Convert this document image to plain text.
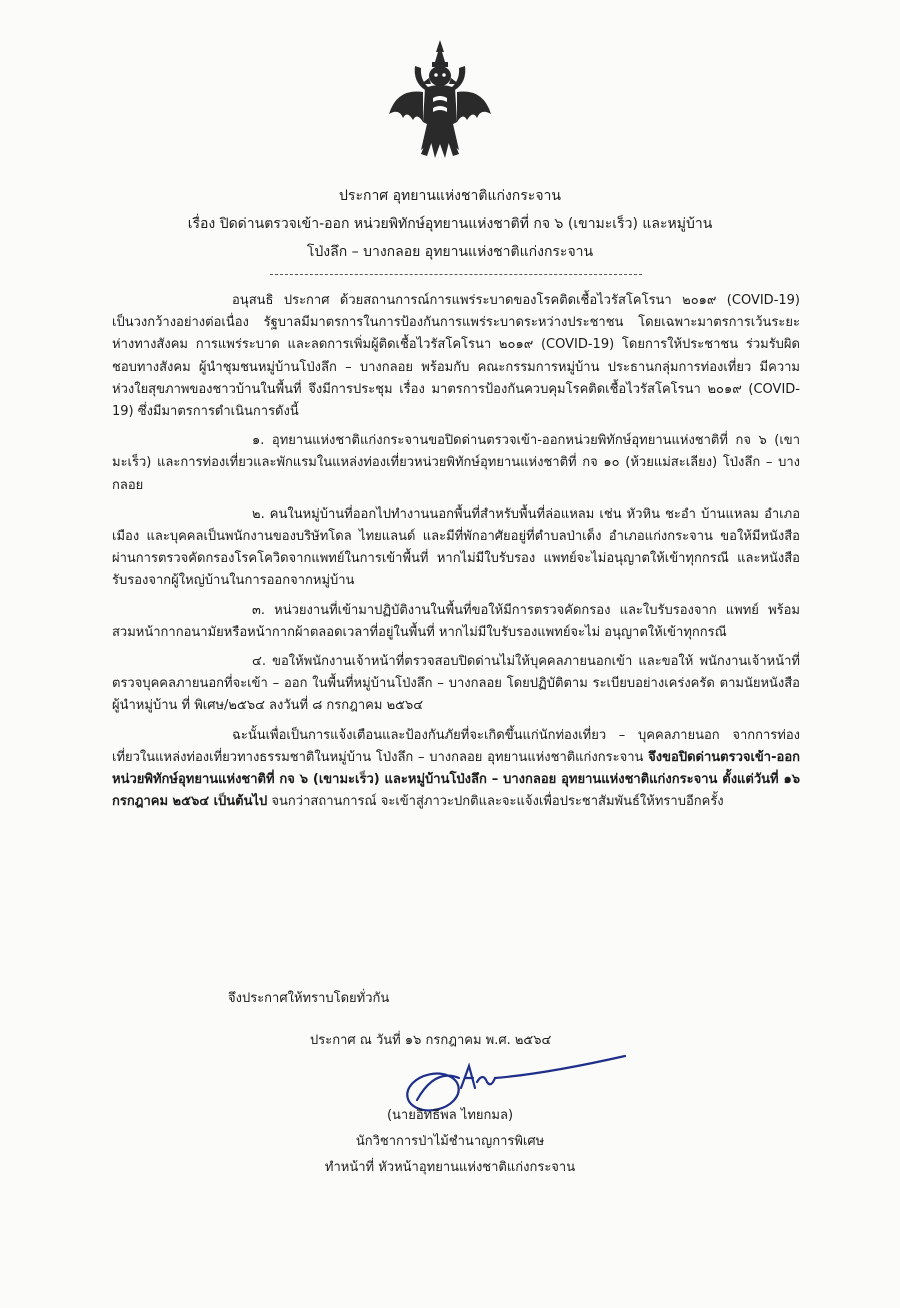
ประกาศ อุทยานแห่งชาติแก่งกระจาน
เรื่อง ปิดด่านตรวจเข้า-ออก หน่วยพิทักษ์อุทยานแห่งชาติที่ กจ ๖ (เขามะเร็ว) และหมู่บ้าน
โป่งลึก – บางกลอย อุทยานแห่งชาติแก่งกระจาน

อนุสนธิ ประกาศ ด้วยสถานการณ์การแพร่ระบาดของโรคติดเชื้อไวรัสโคโรนา ๒๐๑๙ (COVID-19) เป็นวงกว้างอย่างต่อเนื่อง รัฐบาลมีมาตรการในการป้องกันการแพร่ระบาดระหว่างประชาชน โดยเฉพาะมาตรการเว้นระยะห่างทางสังคม การแพร่ระบาด และลดการเพิ่มผู้ติดเชื้อไวรัสโคโรนา ๒๐๑๙ (COVID-19) โดยการให้ประชาชน ร่วมรับผิดชอบทางสังคม ผู้นำชุมชนหมู่บ้านโป่งลึก – บางกลอย พร้อมกับ คณะกรรมการหมู่บ้าน ประธานกลุ่มการท่องเที่ยว มีความห่วงใยสุขภาพของชาวบ้านในพื้นที่ จึงมีการประชุม เรื่อง มาตรการป้องกันควบคุมโรคติดเชื้อไวรัสโคโรนา ๒๐๑๙ (COVID-19) ซึ่งมีมาตรการดำเนินการดังนี้

๑. อุทยานแห่งชาติแก่งกระจานขอปิดด่านตรวจเข้า-ออกหน่วยพิทักษ์อุทยานแห่งชาติที่ กจ ๖ (เขามะเร็ว) และการท่องเที่ยวและพักแรมในแหล่งท่องเที่ยวหน่วยพิทักษ์อุทยานแห่งชาติที่ กจ ๑๐ (ห้วยแม่สะเลียง) โป่งลึก – บางกลอย

๒. คนในหมู่บ้านที่ออกไปทำงานนอกพื้นที่สำหรับพื้นที่ล่อแหลม เช่น หัวหิน ชะอำ บ้านแหลม อำเภอเมือง และบุคคลเป็นพนักงานของบริษัทโดล ไทยแลนด์ และมีที่พักอาศัยอยู่ที่ตำบลป่าเด็ง อำเภอแก่งกระจาน ขอให้มีหนังสือผ่านการตรวจคัดกรองโรคโควิดจากแพทย์ในการเข้าพื้นที่ หากไม่มีใบรับรอง แพทย์จะไม่อนุญาตให้เข้าทุกกรณี และหนังสือรับรองจากผู้ใหญ่บ้านในการออกจากหมู่บ้าน

๓. หน่วยงานที่เข้ามาปฏิบัติงานในพื้นที่ขอให้มีการตรวจคัดกรอง และใบรับรองจาก แพทย์ พร้อมสวมหน้ากากอนามัยหรือหน้ากากผ้าตลอดเวลาที่อยู่ในพื้นที่ หากไม่มีใบรับรองแพทย์จะไม่ อนุญาตให้เข้าทุกกรณี

๔. ขอให้พนักงานเจ้าหน้าที่ตรวจสอบปิดด่านไม่ให้บุคคลภายนอกเข้า และขอให้ พนักงานเจ้าหน้าที่ตรวจบุคคลภายนอกที่จะเข้า – ออก ในพื้นที่หมู่บ้านโป่งลึก – บางกลอย โดยปฏิบัติตาม ระเบียบอย่างเคร่งครัด ตามนัยหนังสือผู้นำหมู่บ้าน ที่ พิเศษ/๒๕๖๔ ลงวันที่ ๘ กรกฎาคม ๒๕๖๔

ฉะนั้นเพื่อเป็นการแจ้งเตือนและป้องกันภัยที่จะเกิดขึ้นแก่นักท่องเที่ยว – บุคคลภายนอก จากการท่องเที่ยวในแหล่งท่องเที่ยวทางธรรมชาติในหมู่บ้าน โป่งลึก – บางกลอย อุทยานแห่งชาติแก่งกระจาน จึงขอปิดด่านตรวจเข้า-ออก หน่วยพิทักษ์อุทยานแห่งชาติที่ กจ ๖ (เขามะเร็ว) และหมู่บ้านโป่งลึก – บางกลอย อุทยานแห่งชาติแก่งกระจาน ตั้งแต่วันที่ ๑๖ กรกฎาคม ๒๕๖๔ เป็นต้นไป จนกว่าสถานการณ์ จะเข้าสู่ภาวะปกติและจะแจ้งเพื่อประชาสัมพันธ์ให้ทราบอีกครั้ง

จึงประกาศให้ทราบโดยทั่วกัน
ประกาศ ณ วันที่ ๑๖ กรกฎาคม พ.ศ. ๒๕๖๔
(นายอิทธิพล ไทยกมล)
นักวิชาการป่าไม้ชำนาญการพิเศษ
ทำหน้าที่ หัวหน้าอุทยานแห่งชาติแก่งกระจาน
